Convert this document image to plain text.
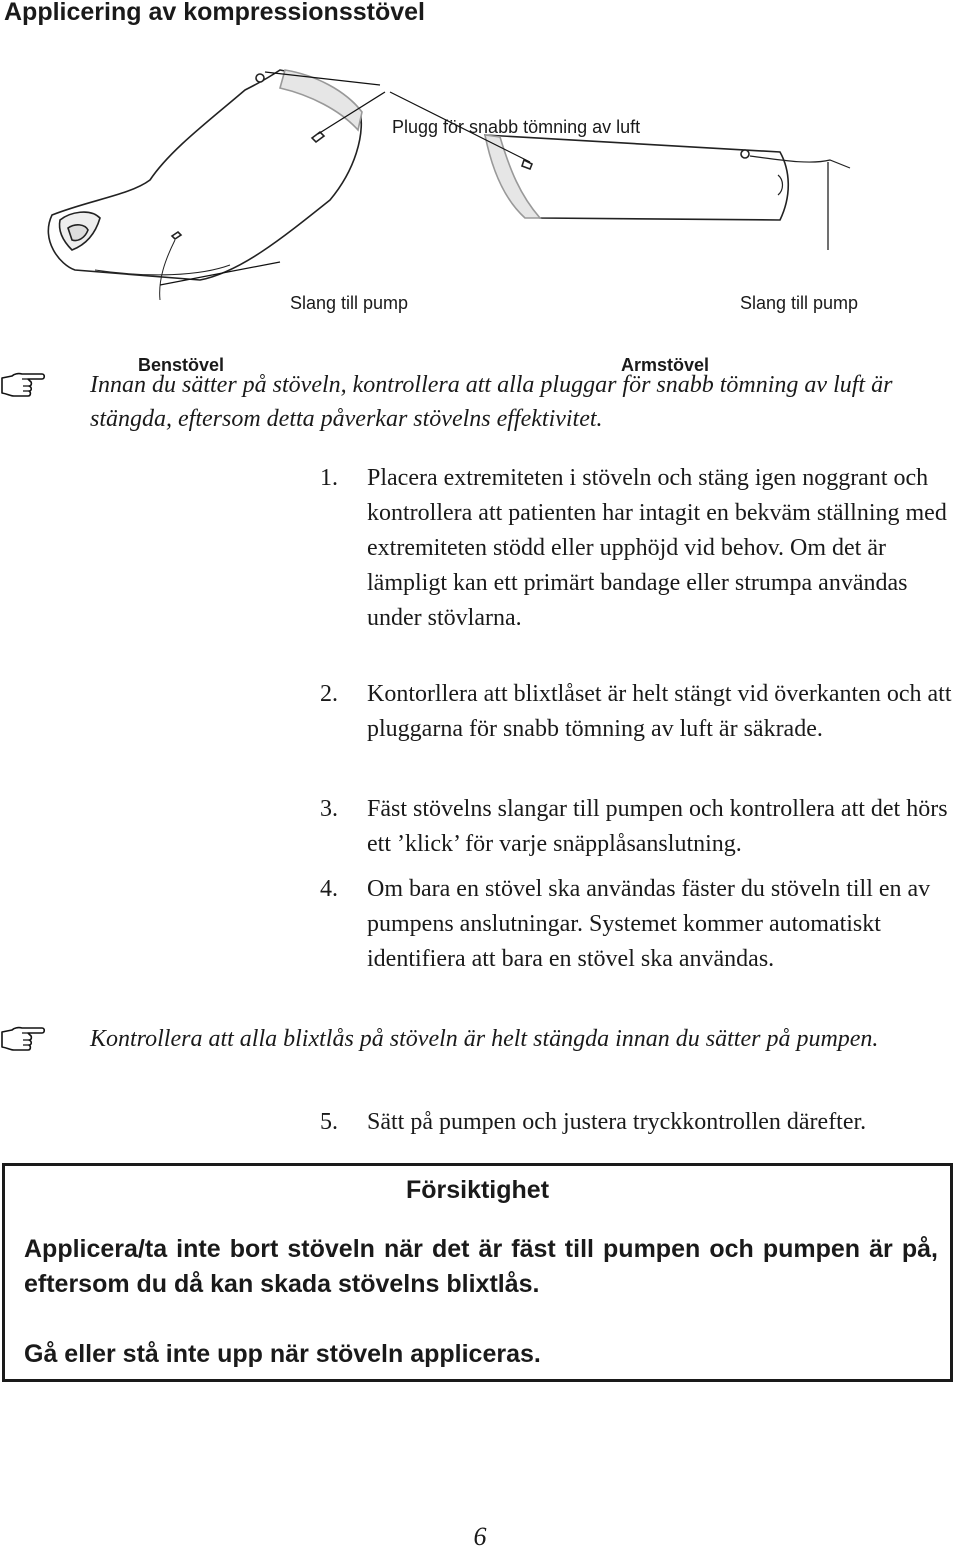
Applicering av kompressionsstövel
Plugg för snabb tömning av luft
Slang till pump	Slang till pump
Benstövel	Armstövel

Innan du sätter på stöveln, kontrollera att alla pluggar för snabb tömning av luft är stängda, eftersom detta påverkar stövelns effektivitet.

1. Placera extremiteten i stöveln och stäng igen noggrant och kontrollera att patienten har intagit en bekväm ställning med extremiteten stödd eller upphöjd vid behov. Om det är lämpligt kan ett primärt bandage eller strumpa användas under stövlarna.
2. Kontorllera att blixtlåset är helt stängt vid överkanten och att pluggarna för snabb tömning av luft är säkrade.
3. Fäst stövelns slangar till pumpen och kontrollera att det hörs ett ’klick’ för varje snäpplåsanslutning.
4. Om bara en stövel ska användas fäster du stöveln till en av pumpens anslutningar. Systemet kommer automatiskt identifiera att bara en stövel ska användas.

Kontrollera att alla blixtlås på stöveln är helt stängda innan du sätter på pumpen.

5. Sätt på pumpen och justera tryckkontrollen därefter.
Försiktighet
Applicera/ta inte bort stöveln när det är fäst till pumpen och pumpen är på, eftersom du då kan skada stövelns blixtlås.
Gå eller stå inte upp när stöveln appliceras.
6
